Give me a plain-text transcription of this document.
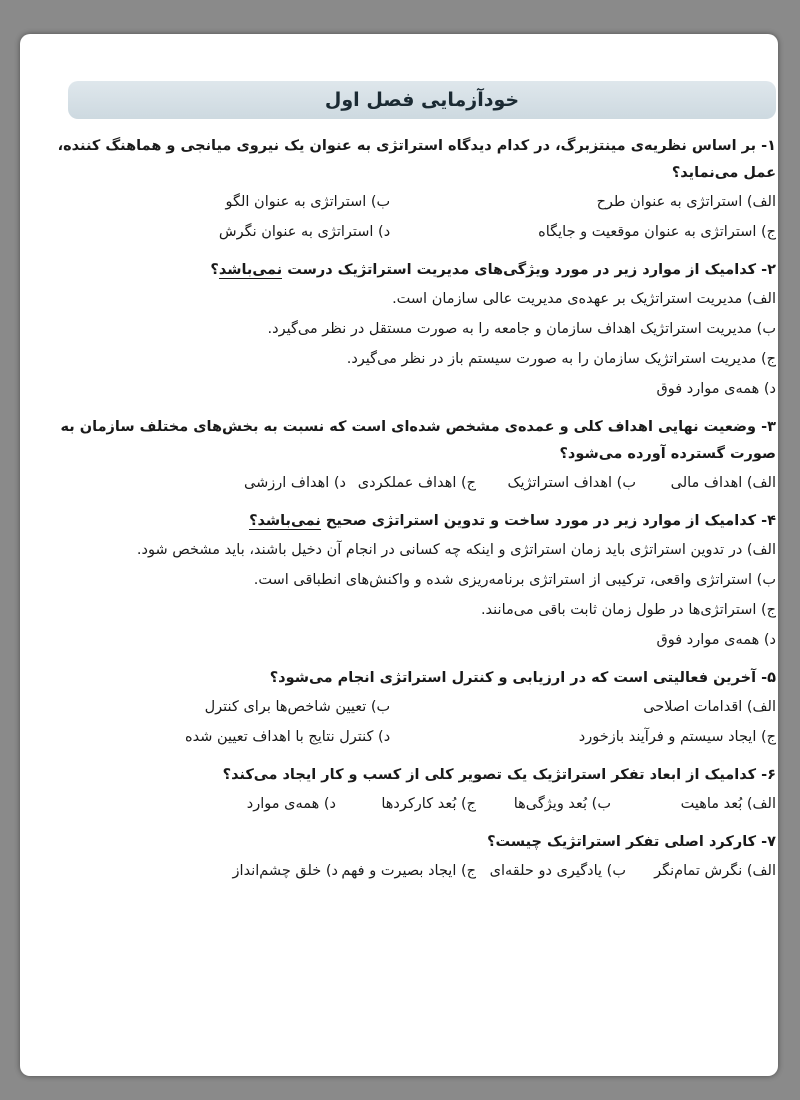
خودآزمایی فصل اول
۱- بر اساس نظریه‌ی مینتزبرگ، در کدام دیدگاه استراتژی به عنوان یک نیروی میانجی و هماهنگ کننده، عمل می‌نماید؟
الف) استراتژی به عنوان طرح
ب) استراتژی به عنوان الگو
ج) استراتژی به عنوان موقعیت و جایگاه
د) استراتژی به عنوان نگرش
۲- کدامیک از موارد زیر در مورد ویژگی‌های مدیریت استراتژیک درست نمی‌باشد؟
الف) مدیریت استراتژیک بر عهده‌ی مدیریت عالی سازمان است.
ب) مدیریت استراتژیک اهداف سازمان و جامعه را به صورت مستقل در نظر می‌گیرد.
ج) مدیریت استراتژیک سازمان را به صورت سیستم باز در نظر می‌گیرد.
د) همه‌ی موارد فوق
۳- وضعیت نهایی اهداف کلی و عمده‌ی مشخص شده‌ای است که نسبت به بخش‌های مختلف سازمان به صورت گسترده آورده می‌شود؟
الف) اهداف مالی
ب) اهداف استراتژیک
ج) اهداف عملکردی
د) اهداف ارزشی
۴- کدامیک از موارد زیر در مورد ساخت و تدوین استراتژی صحیح نمی‌باشد؟
الف) در تدوین استراتژی باید زمان استراتژی و اینکه چه کسانی در انجام آن دخیل باشند، باید مشخص شود.
ب) استراتژی واقعی، ترکیبی از استراتژی برنامه‌ریزی شده و واکنش‌های انطباقی است.
ج) استراتژی‌ها در طول زمان ثابت باقی می‌مانند.
د) همه‌ی موارد فوق
۵- آخرین فعالیتی است که در ارزیابی و کنترل استراتژی انجام می‌شود؟
الف) اقدامات اصلاحی
ب) تعیین شاخص‌ها برای کنترل
ج) ایجاد سیستم و فرآیند بازخورد
د) کنترل نتایج با اهداف تعیین شده
۶- کدامیک از ابعاد تفکر استراتژیک یک تصویر کلی از کسب و کار ایجاد می‌کند؟
الف) بُعد ماهیت
ب) بُعد ویژگی‌ها
ج) بُعد کارکردها
د) همه‌ی موارد
۷- کارکرد اصلی تفکر استراتژیک چیست؟
الف) نگرش تمام‌نگر
ب) یادگیری دو حلقه‌ای
ج) ایجاد بصیرت و فهم
د) خلق چشم‌انداز
